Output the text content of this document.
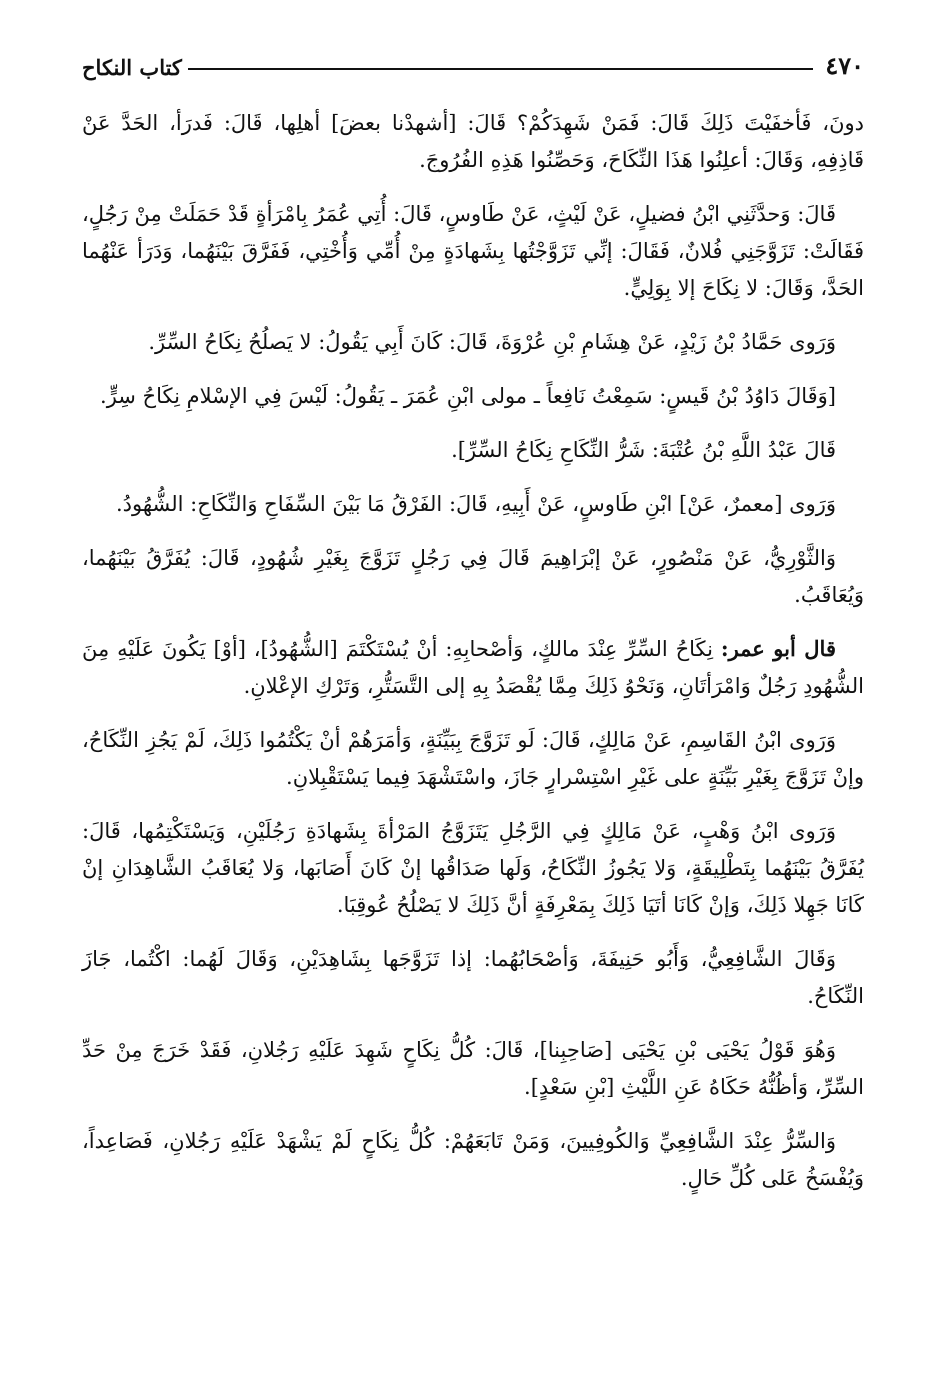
٤٧٠
كتاب النكاح

دونَ، فَأخفَيْتَ ذَلِكَ قَالَ: فَمَنْ شَهِدَكُمْ؟ قَالَ: [أشهدْنا بعضَ] أهلِها، قَالَ: فَدرَأ، الحَدَّ عَنْ قَاذِفِهِ، وَقَالَ: أعلِنُوا هَذَا النِّكَاحَ، وَحَصِّنُوا هَذِهِ الفُرُوجَ.

قَالَ: وَحدَّثَنِي ابْنُ فضيلٍ، عَنْ لَيْثٍ، عَنْ طَاوسٍ، قَالَ: أُتِي عُمَرُ بِامْرَأةٍ قَدْ حَمَلَتْ مِنْ رَجُلٍ، فَقَالَتْ: تَزَوَّجَنِي فُلانٌ، فَقَالَ: إنِّي تَزَوَّجْتُها بِشَهادَةٍ مِنْ أُمِّي وَأُخْتِي، فَفَرَّقَ بَيْنَهُما، وَدَرَأ عَنْهُما الحَدَّ، وَقَالَ: لا نِكَاحَ إلا بِوَلِيٍّ.

وَرَوى حَمَّادُ بْنُ زَيْدٍ، عَنْ هِشَامِ بْنِ عُرْوَةَ، قَالَ: كَانَ أَبِي يَقُولُ: لا يَصلُحُ نِكَاحُ السِّرِّ.

[وَقَالَ دَاوُدُ بْنُ قَيسٍ: سَمِعْتُ نَافِعاً ـ مولى ابْنِ عُمَرَ ـ يَقُولُ: لَيْسَ فِي الإسْلامِ نِكَاحُ سِرٍّ.

قَالَ عَبْدُ اللَّهِ بْنُ عُتْبَةَ: شَرُّ النِّكَاحِ نِكَاحُ السِّرِّ].

وَرَوى [معمرٌ، عَنْ] ابْنِ طَاوسٍ، عَنْ أَبِيهِ، قَالَ: الفَرْقُ مَا بَيْنَ السِّفَاحِ وَالنِّكَاحِ: الشُّهُودُ.

وَالثَّوْرِيُّ، عَنْ مَنْصُورٍ، عَنْ إبْرَاهِيمَ قَالَ فِي رَجُلٍ تَزَوَّجَ بِغَيْرِ شُهُودٍ، قَالَ: يُفَرَّقُ بَيْنَهُما، وَيُعَاقَبُ.

قال أبو عمر: نِكَاحُ السِّرِّ عِنْدَ مالكٍ، وَأصْحابِهِ: أنْ يُسْتَكْتَمَ [الشُّهُودُ]، [أوْ] يَكُونَ عَلَيْهِ مِنَ الشُّهُودِ رَجُلٌ وَامْرَأتَانِ، وَنَحْوُ ذَلِكَ مِمَّا يُقْصَدُ بِهِ إلى التَّسَتُّرِ، وَتَرْكِ الإعْلانِ.

وَرَوى ابْنُ القَاسِمِ، عَنْ مَالِكٍ، قَالَ: لَو تَزَوَّجَ بِبَيِّنَةٍ، وَأمَرَهُمْ أنْ يَكْتُمُوا ذَلِكَ، لَمْ يَجُزِ النِّكَاحُ، وإنْ تَزَوَّجَ بِغَيْرِ بَيِّنَةٍ على غَيْرِ اسْتِسْرارٍ جَازَ، واسْتَشْهَدَ فِيما يَسْتَقْبِلانِ.

وَرَوى ابْنُ وَهْبٍ، عَنْ مَالِكٍ فِي الرَّجُلِ يَتَزَوَّجُ المَرْأةَ بِشَهادَةِ رَجُلَيْنِ، وَيَسْتَكْتِمُها، قَالَ: يُفَرَّقُ بَيْنَهُما بِتَطْلِيقَةٍ، وَلا يَجُوزُ النِّكَاحُ، وَلَها صَدَاقُها إنْ كَانَ أَصَابَها، وَلا يُعَاقَبُ الشَّاهِدَانِ إنْ كَانَا جَهِلا ذَلِكَ، وَإنْ كَانَا أتَيَا ذَلِكَ بِمَعْرِفَةٍ أنَّ ذَلِكَ لا يَصْلُحُ عُوقِبَا.

وَقَالَ الشَّافِعِيُّ، وَأَبُو حَنِيفَةَ، وَأصْحَابُهُما: إذا تَزَوَّجَها بِشَاهِدَيْنِ، وَقَالَ لَهُما: اكْتُما، جَازَ النِّكَاحُ.

وَهُوَ قَوْلُ يَحْيَى بْنِ يَحْيَى [صَاحِبِنا]، قَالَ: كُلُّ نِكَاحٍ شَهِدَ عَلَيْهِ رَجُلانِ، فَقَدْ خَرَجَ مِنْ حَدِّ السِّرِّ، وَأظُنُّهُ حَكَاهُ عَنِ اللَّيْثِ [بْنِ سَعْدٍ].

وَالسِّرُّ عِنْدَ الشَّافِعِيِّ وَالكُوفِيينَ، وَمَنْ تَابَعَهُمْ: كُلُّ نِكَاحٍ لَمْ يَشْهَدْ عَلَيْهِ رَجُلانِ، فَصَاعِداً، وَيُفْسَخُ عَلى كُلِّ حَالٍ.
